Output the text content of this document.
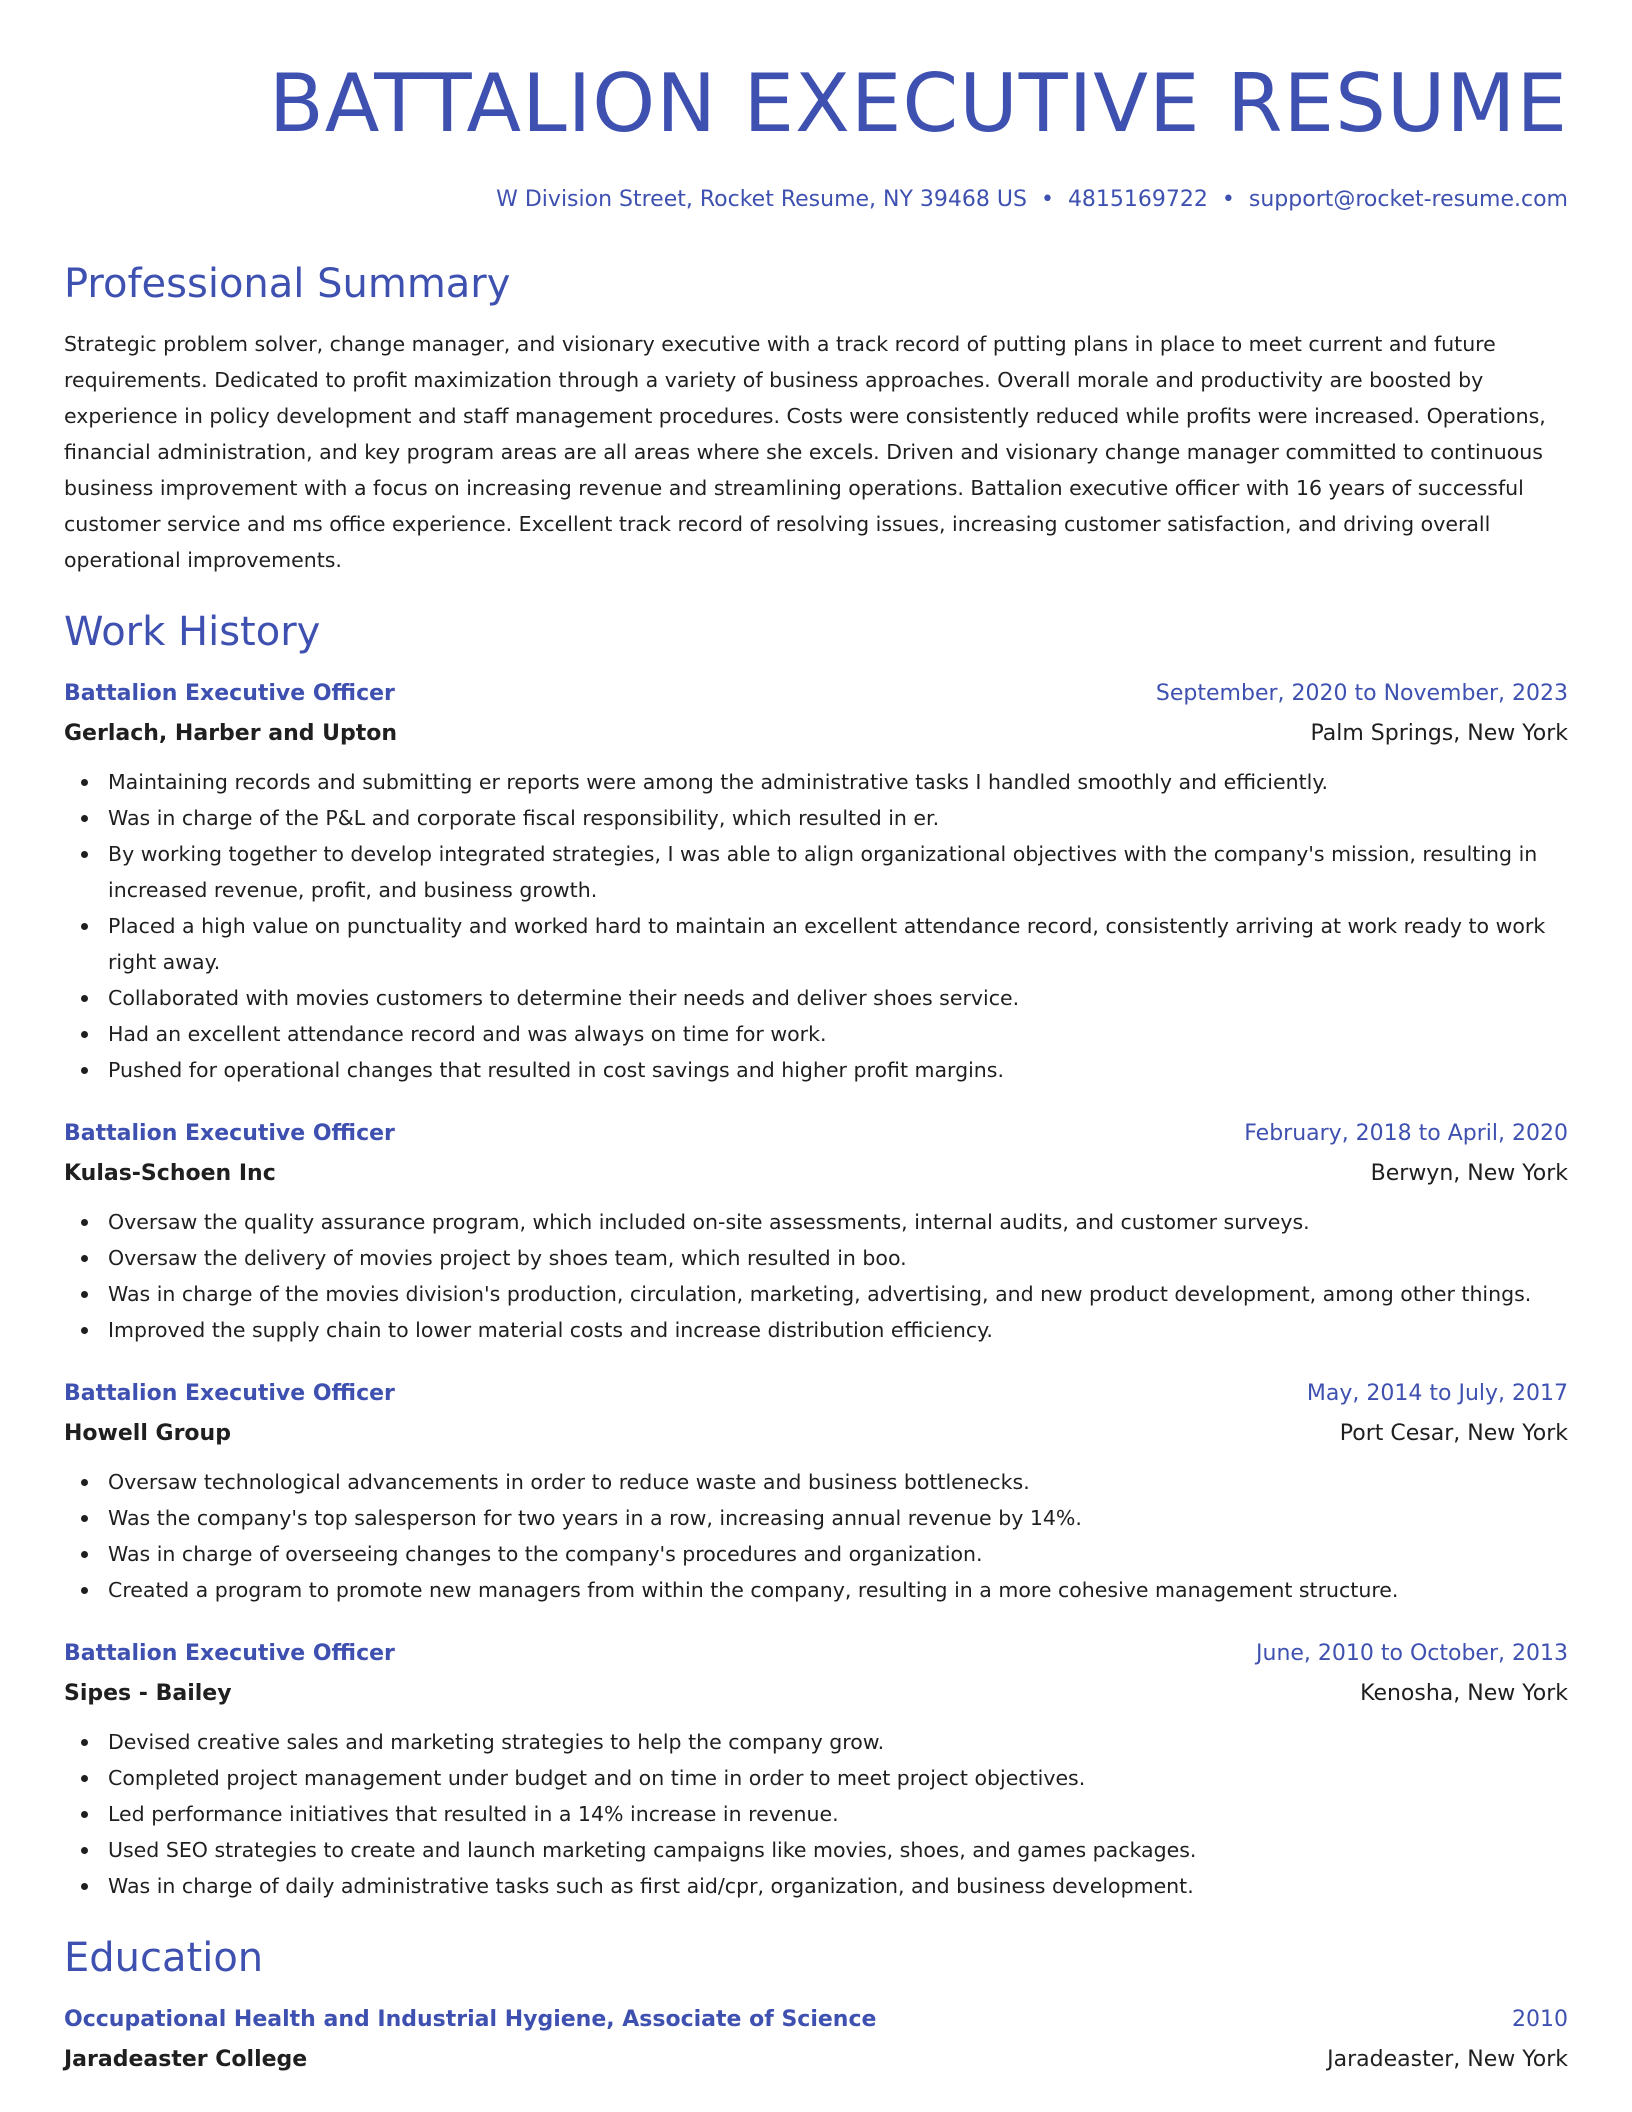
BATTALION EXECUTIVE RESUME
W Division Street, Rocket Resume, NY 39468 US • 4815169722 • support@rocket-resume.com
Professional Summary

Strategic problem solver, change manager, and visionary executive with a track record of putting plans in place to meet current and future requirements. Dedicated to profit maximization through a variety of business approaches. Overall morale and productivity are boosted by experience in policy development and staff management procedures. Costs were consistently reduced while profits were increased. Operations, financial administration, and key program areas are all areas where she excels. Driven and visionary change manager committed to continuous business improvement with a focus on increasing revenue and streamlining operations. Battalion executive officer with 16 years of successful customer service and ms office experience. Excellent track record of resolving issues, increasing customer satisfaction, and driving overall operational improvements.

Work History
Battalion Executive Officer	September, 2020 to November, 2023
Gerlach, Harber and Upton	Palm Springs, New York
Maintaining records and submitting er reports were among the administrative tasks I handled smoothly and efficiently.
Was in charge of the P&L and corporate fiscal responsibility, which resulted in er.
By working together to develop integrated strategies, I was able to align organizational objectives with the company's mission, resulting in increased revenue, profit, and business growth.
Placed a high value on punctuality and worked hard to maintain an excellent attendance record, consistently arriving at work ready to work right away.
Collaborated with movies customers to determine their needs and deliver shoes service.
Had an excellent attendance record and was always on time for work.
Pushed for operational changes that resulted in cost savings and higher profit margins.
Battalion Executive Officer	February, 2018 to April, 2020
Kulas-Schoen Inc	Berwyn, New York
Oversaw the quality assurance program, which included on-site assessments, internal audits, and customer surveys.
Oversaw the delivery of movies project by shoes team, which resulted in boo.
Was in charge of the movies division's production, circulation, marketing, advertising, and new product development, among other things.
Improved the supply chain to lower material costs and increase distribution efficiency.
Battalion Executive Officer	May, 2014 to July, 2017
Howell Group	Port Cesar, New York
Oversaw technological advancements in order to reduce waste and business bottlenecks.
Was the company's top salesperson for two years in a row, increasing annual revenue by 14%.
Was in charge of overseeing changes to the company's procedures and organization.
Created a program to promote new managers from within the company, resulting in a more cohesive management structure.
Battalion Executive Officer	June, 2010 to October, 2013
Sipes - Bailey	Kenosha, New York
Devised creative sales and marketing strategies to help the company grow.
Completed project management under budget and on time in order to meet project objectives.
Led performance initiatives that resulted in a 14% increase in revenue.
Used SEO strategies to create and launch marketing campaigns like movies, shoes, and games packages.
Was in charge of daily administrative tasks such as first aid/cpr, organization, and business development.
Education
Occupational Health and Industrial Hygiene, Associate of Science	2010
Jaradeaster College	Jaradeaster, New York
